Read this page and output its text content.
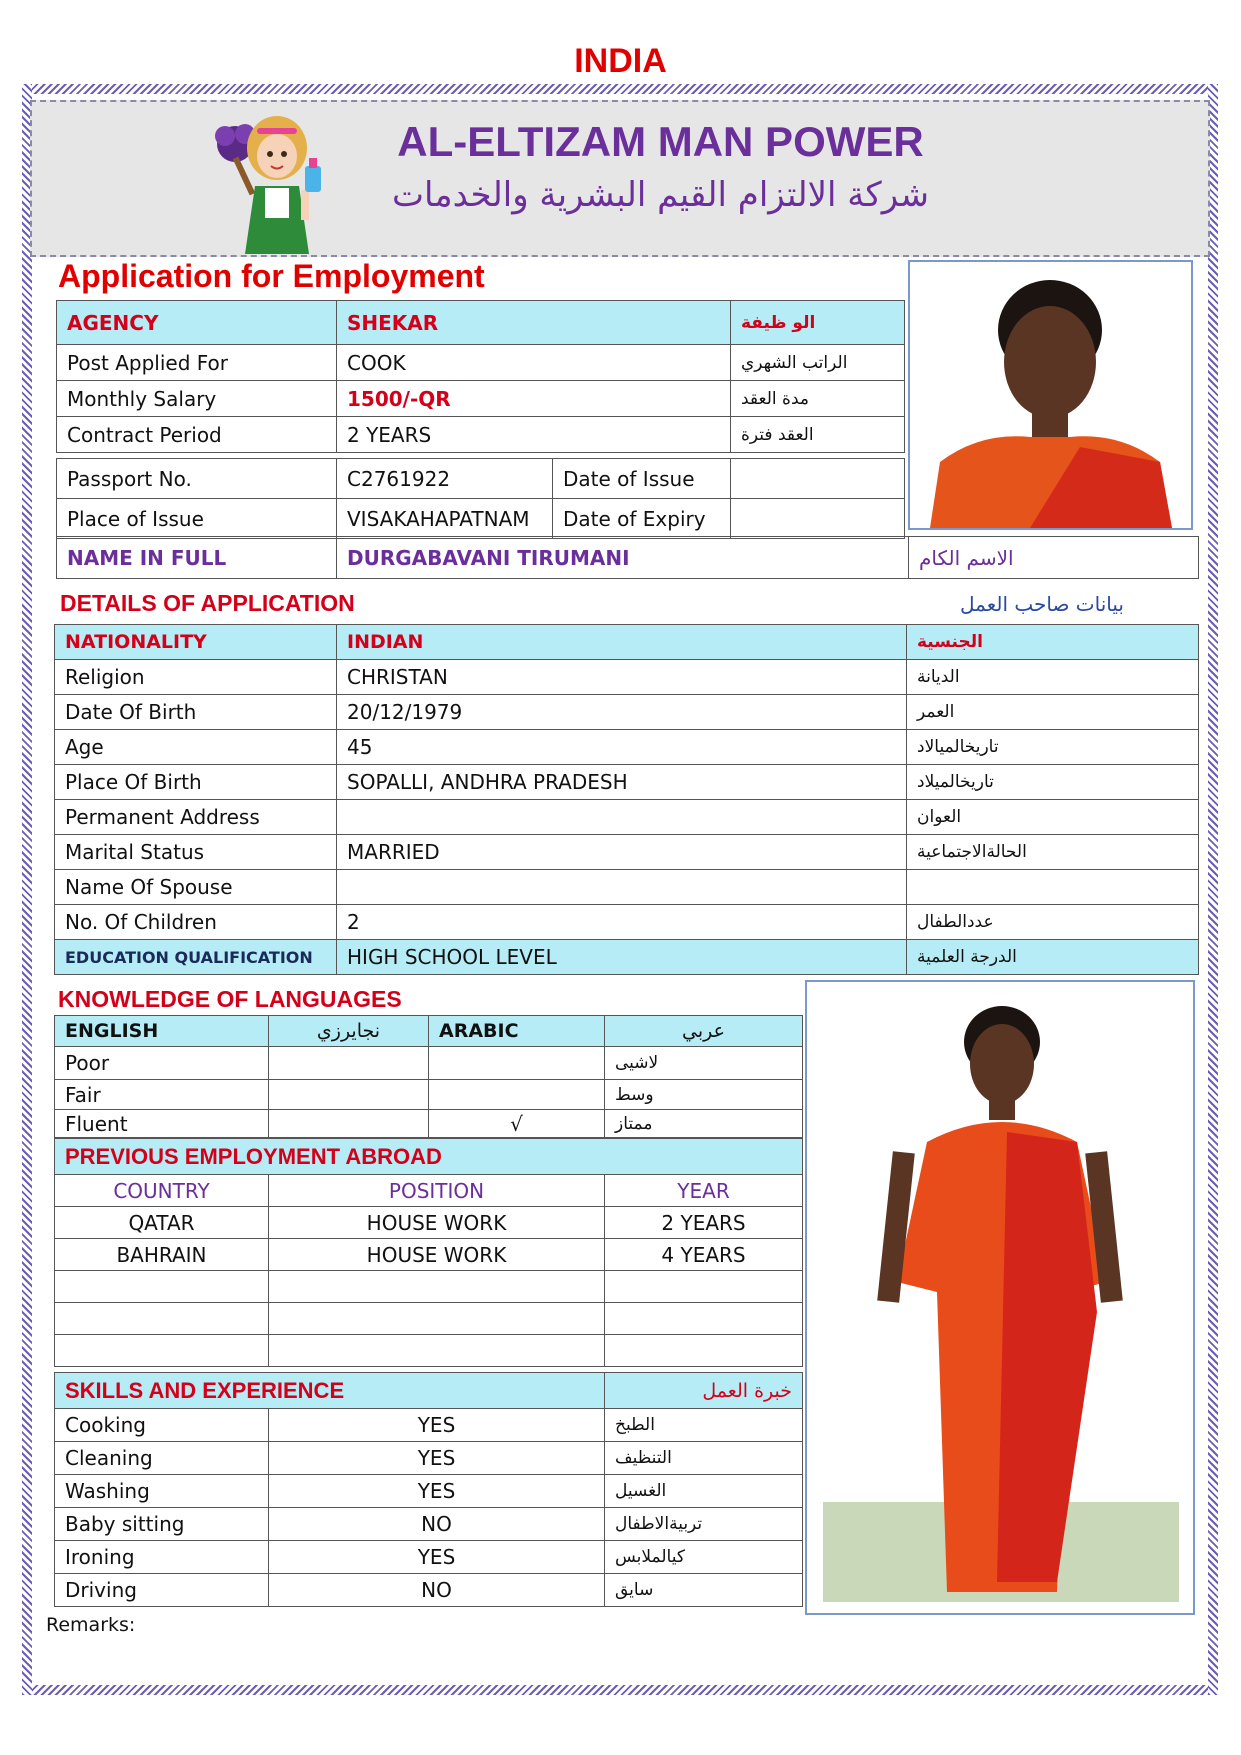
INDIA
AL-ELTIZAM MAN POWER
شركة الالتزام القيم البشرية والخدمات
Application for Employment
AGENCY	SHEKAR	الو ظيفة
Post Applied For	COOK	الراتب الشهري
Monthly Salary	1500/-QR	مدة العقد
Contract Period	2 YEARS	العقد فترة
Passport No.	C2761922	Date of Issue	
Place of Issue	VISAKAHAPATNAM	Date of Expiry	
NAME IN FULL	DURGABAVANI TIRUMANI	الاسم الكام
DETAILS OF APPLICATION	بيانات صاحب العمل
NATIONALITY	INDIAN	الجنسية
Religion	CHRISTAN	الديانة
Date Of Birth	20/12/1979	العمر
Age	45	تاريخالميالاد
Place Of Birth	SOPALLI, ANDHRA PRADESH	تاريخالميلاد
Permanent Address		العوان
Marital Status	MARRIED	الحالةالاجتماعية
Name Of Spouse		
No. Of Children	2	عددالطفال
EDUCATION QUALIFICATION	HIGH SCHOOL LEVEL	الدرجة العلمية
KNOWLEDGE OF LANGUAGES
ENGLISH	نجايرزي	ARABIC	عربي
Poor			لاشيى
Fair			وسط
Fluent		√	ممتاز
PREVIOUS EMPLOYMENT ABROAD		
COUNTRY	POSITION	YEAR
QATAR	HOUSE WORK	2 YEARS
BAHRAIN	HOUSE WORK	4 YEARS

SKILLS AND EXPERIENCE		خبرة العمل
Cooking	YES	الطبخ
Cleaning	YES	التنظيف
Washing	YES	الغسيل
Baby sitting	NO	تربيةالاطفال
Ironing	YES	كيالملابس
Driving	NO	سايق
Remarks:
